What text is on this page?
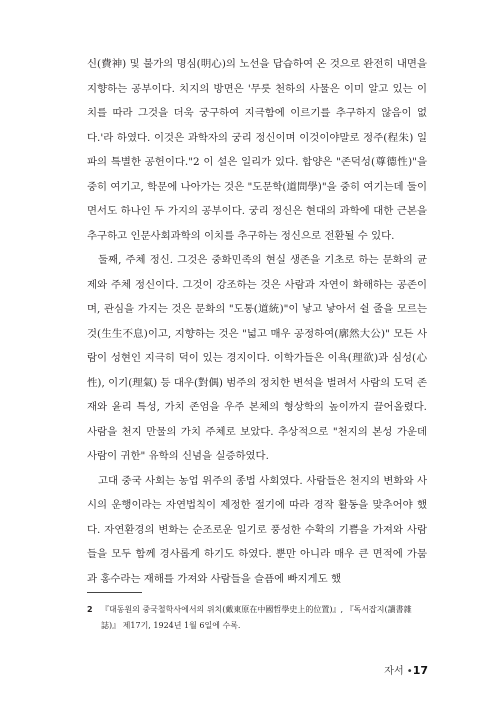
신(費神) 및 불가의 명심(明心)의 노선을 답습하여 온 것으로 완전히 내면을 지향하는 공부이다. 치지의 방면은 '무릇 천하의 사물은 이미 알고 있는 이치를 따라 그것을 더욱 궁구하여 지극함에 이르기를 추구하지 않음이 없다.'라 하였다. 이것은 과학자의 궁리 정신이며 이것이야말로 정주(程朱) 일파의 특별한 공헌이다."2 이 설은 일리가 있다. 합양은 "존덕성(尊德性)"을 중히 여기고, 학문에 나아가는 것은 "도문학(道問學)"을 중히 여기는데 둘이면서도 하나인 두 가지의 공부이다. 궁리 정신은 현대의 과학에 대한 근본을 추구하고 인문사회과학의 이치를 추구하는 정신으로 전환될 수 있다.

둘째, 주체 정신. 그것은 중화민족의 현실 생존을 기초로 하는 문화의 균제와 주체 정신이다. 그것이 강조하는 것은 사람과 자연이 화해하는 공존이며, 관심을 가지는 것은 문화의 "도통(道統)"이 낳고 낳아서 쉴 줄을 모르는 것(生生不息)이고, 지향하는 것은 "넓고 매우 공정하여(廓然大公)" 모든 사람이 성현인 지극히 덕이 있는 경지이다. 이학가들은 이욕(理欲)과 심성(心性), 이기(理氣) 등 대우(對偶) 범주의 정치한 변석을 벌려서 사람의 도덕 존재와 윤리 특성, 가치 존엄을 우주 본체의 형상학의 높이까지 끌어올렸다. 사람을 천지 만물의 가치 주체로 보았다. 추상적으로 "천지의 본성 가운데 사람이 귀한" 유학의 신념을 실증하였다.

고대 중국 사회는 농업 위주의 종법 사회였다. 사람들은 천지의 변화와 사시의 운행이라는 자연법칙이 제정한 절기에 따라 경작 활동을 맞추어야 했다. 자연환경의 변화는 순조로운 일기로 풍성한 수확의 기쁨을 가져와 사람들을 모두 함께 경사롭게 하기도 하였다. 뿐만 아니라 매우 큰 면적에 가뭄과 홍수라는 재해를 가져와 사람들을 슬픔에 빠지게도 했

2	『대동원의 중국철학사에서의 위치(戴東原在中國哲學史上的位置)』, 『독서잡지(讀書雜誌)』 제17기, 1924년 1월 6일에 수록.
자서 •17
